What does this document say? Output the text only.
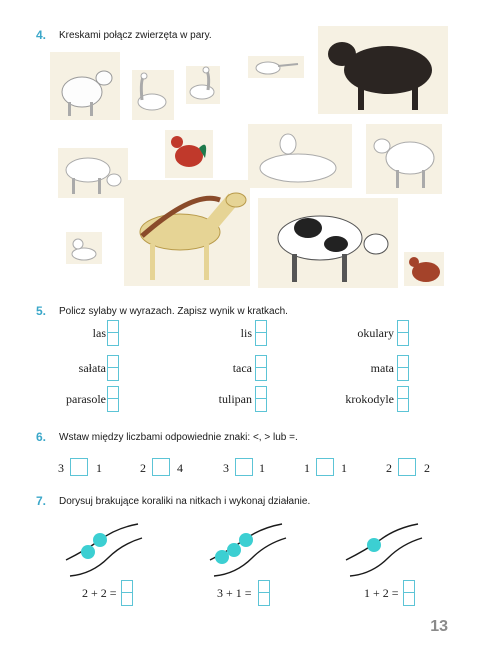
4. Kreskami połącz zwierzęta w pary.
5. Policz sylaby w wyrazach. Zapisz wynik w kratkach.
las	lis	okulary
sałata	taca	mata
parasole	tulipan	krokodyle
6. Wstaw między liczbami odpowiednie znaki: <, > lub =.
3	1	2	4	3	1	1	1	2	2
7. Dorysuj brakujące koraliki na nitkach i wykonaj działanie.
2 + 2 =	3 + 1 =	1 + 2 =
13
